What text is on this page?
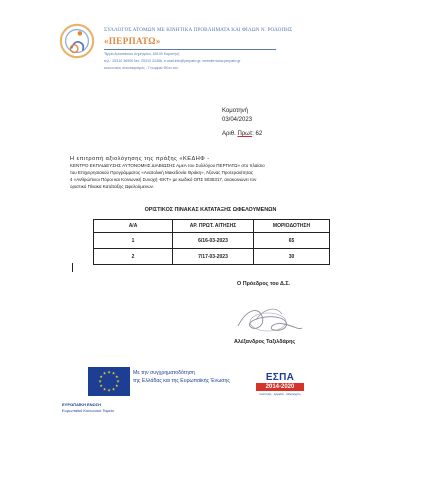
ΣΥΛΛΟΓΟΣ ΑΤΟΜΩΝ ΜΕ ΚΙΝΗΤΙΚΑ ΠΡΟΒΛΗΜΑΤΑ ΚΑΙ ΦΙΛΩΝ Ν. ΡΟΔΟΠΗΣ
«ΠΕΡΠΑΤΩ»
Τέρμα Αναστάσιου Δημητρίου, 69100 Κομοτηνή
τηλ.: 25310 36900 fax: 25310 32456, e-mail:info@perpato.gr, website:www.perpato.gr
κοινωνικός συνεταιρισμός - Γνωριμία Φίλοι του
Κομοτηνή
03/04/2023
Αριθ. Πρωτ: 62
Η επιτροπή αξιολόγησης της πράξης «ΚΕΔΗΦ -
ΚΕΝΤΡΟ ΕΚΠΑΙΔΕΥΣΗΣ ΑΥΤΟΝΟΜΗΣ ΔΙΑΒΙΩΣΗΣ ΑμεΑ του Συλλόγου ΠΕΡΠΑΤΩ» στο πλαίσιο
του Επιχειρησιακού Προγράμματος «Ανατολική Μακεδονία Θράκη», Άξονας Προτεραιότητας
4 «Ανθρώπινοι Πόροι και Κοινωνική Συνοχή -ΕΚΤ» με κωδικό ΟΠΣ 5035317, ανακοινώνει τον
οριστικό Πίνακα Κατάταξης Ωφελούμενων.
ΟΡΙΣΤΙΚΟΣ ΠΙΝΑΚΑΣ ΚΑΤΑΤΑΞΗΣ ΩΦΕΛΟΥΜΕΝΩΝ
Α/Α	ΑΡ. ΠΡΩΤ. ΑΙΤΗΣΗΣ	ΜΟΡΙΟΔΟΤΗΣΗ
1	6/16-03-2023	65
2	7/17-03-2023	30
Ο Πρόεδρος του Δ.Σ.
Αλέξανδρος Ταξιλδάρης
★ ★
★
★
★
★
★
★
★
★
★
★	Με την συγχρηματοδότηση
της Ελλάδας και της Ευρωπαϊκής Ένωσης	ΕΣΠΑ
2014-2020
ανάπτυξη · εργασία · αλληλεγγύη
ΕΥΡΩΠΑΪΚΗ ΕΝΩΣΗ
Ευρωπαϊκό Κοινωνικό Ταμείο
